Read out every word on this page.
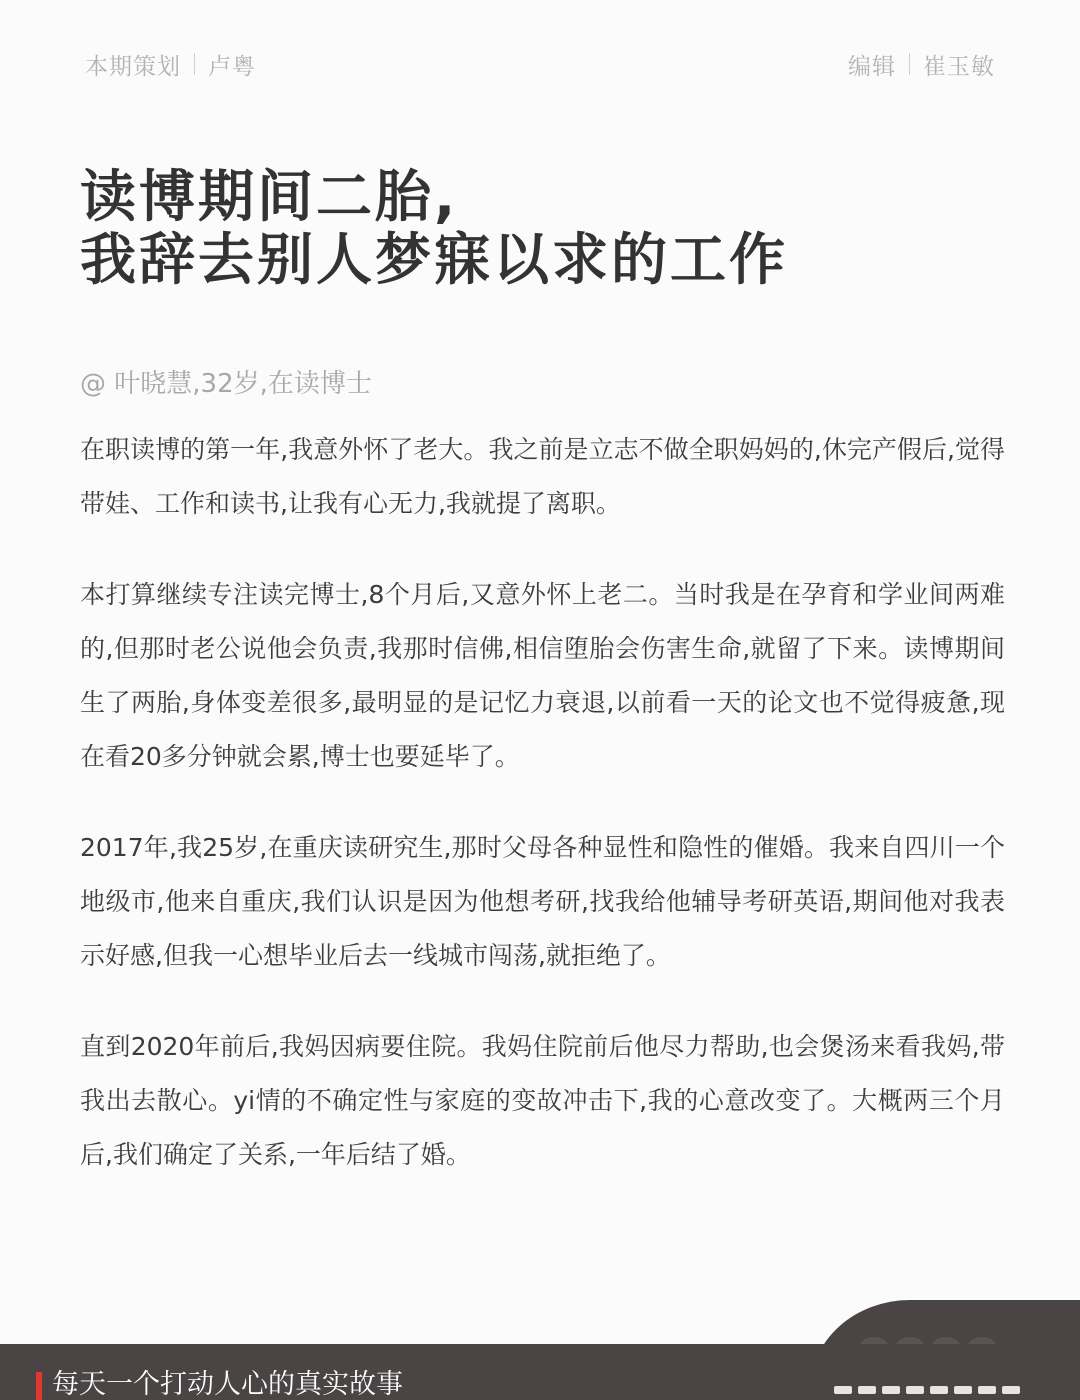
本期策划 卢粤	编辑 崔玉敏
读博期间二胎,
我辞去别人梦寐以求的工作
@ 叶晓慧,32岁,在读博士

在职读博的第一年,我意外怀了老大。我之前是立志不做全职妈妈的,休完产假后,觉得带娃、工作和读书,让我有心无力,我就提了离职。

本打算继续专注读完博士,8个月后,又意外怀上老二。当时我是在孕育和学业间两难的,但那时老公说他会负责,我那时信佛,相信堕胎会伤害生命,就留了下来。读博期间生了两胎,身体变差很多,最明显的是记忆力衰退,以前看一天的论文也不觉得疲惫,现在看20多分钟就会累,博士也要延毕了。

2017年,我25岁,在重庆读研究生,那时父母各种显性和隐性的催婚。我来自四川一个地级市,他来自重庆,我们认识是因为他想考研,找我给他辅导考研英语,期间他对我表示好感,但我一心想毕业后去一线城市闯荡,就拒绝了。

直到2020年前后,我妈因病要住院。我妈住院前后他尽力帮助,也会煲汤来看我妈,带我出去散心。yi情的不确定性与家庭的变故冲击下,我的心意改变了。大概两三个月后,我们确定了关系,一年后结了婚。

每天一个打动人心的真实故事
